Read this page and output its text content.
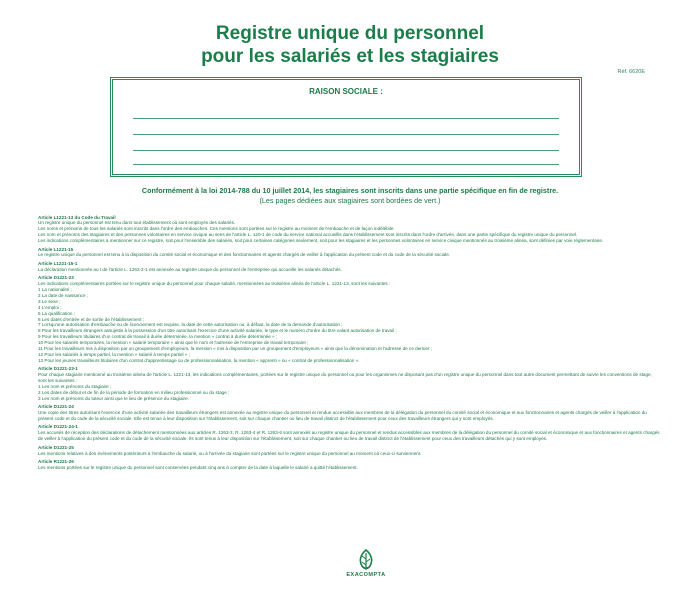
Registre unique du personnel
pour les salariés et les stagiaires
Réf. 6620E
RAISON SOCIALE :
Conformément à la loi 2014-788 du 10 juillet 2014, les stagiaires sont inscrits dans une partie spécifique en fin de registre.
(Les pages dédiées aux stagiaires sont bordées de vert.)
Article L1221-13 du Code du Travail

Un registre unique du personnel est tenu dans tout établissement où sont employés des salariés.

Les noms et prénoms de tous les salariés sont inscrits dans l'ordre des embauches. Ces mentions sont portées sur le registre au moment de l'embauche et de façon indélébile.

Les nom et prénoms des stagiaires et des personnes volontaires en service civique au sens de l'article L. 120-1 de code du service national accueillis dans l'établissement sont inscrits dans l'ordre d'arrivée, dans une partie spécifique du registre unique du personnel.

Les indications complémentaires à mentionner sur ce registre, soit pour l'ensemble des salariés, soit pour certaines catégories seulement, soit pour les stagiaires et les personnes volontaires en service civique mentionnés au troisième alinéa, sont définies par voie réglementaire.

Article L1221-15

Le registre unique du personnel est tenu à la disposition du comité social et économique et des fonctionnaires et agents chargés de veiller à l'application du présent code et du code de la sécurité sociale.

Article L1221-15-1

La déclaration mentionnée au I de l'article L. 1262-2-1 est annexée au registre unique du personnel de l'entreprise qui accueille les salariés détachés.

Article D1221-23

Les indications complémentaires portées sur le registre unique du personnel pour chaque salarié, mentionnées au troisième alinéa de l'article L. 1221-13, sont les suivantes :

1 La nationalité ;

2 La date de naissance ;

3 Le sexe ;

4 L'emploi ;

5 La qualification ;

6 Les dates d'entrée et de sortie de l'établissement ;

7 Lorsqu'une autorisation d'embauche ou de licenciement est requise, la date de cette autorisation ou, à défaut, la date de la demande d'autorisation ;

8 Pour les travailleurs étrangers assujettis à la possession d'un titre autorisant l'exercice d'une activité salariée, le type et le numéro d'ordre du titre valant autorisation de travail ;

9 Pour les travailleurs titulaires d'un contrat de travail à durée déterminée, la mention « contrat à durée déterminée » ;

10 Pour les salariés temporaires, la mention « salarié temporaire » ainsi que le nom et l'adresse de l'entreprise de travail temporaire ;

11 Pour les travailleurs mis à disposition par un groupement d'employeurs, la mention « mis à disposition par un groupement d'employeurs » ainsi que la dénomination et l'adresse de ce dernier ;

12 Pour les salariés à temps partiel, la mention « salarié à temps partiel » ;

13 Pour les jeunes travailleurs titulaires d'un contrat d'apprentissage ou de professionnalisation, la mention « apprenti » ou « contrat de professionnalisation ».

Article D1221-23-1

Pour chaque stagiaire mentionné au troisième alinéa de l'article L. 1221-13, les indications complémentaires, portées sur le registre unique du personnel ou pour les organismes ne disposant pas d'un registre unique du personnel dans tout autre document permettant de suivre les conventions de stage, sont les suivantes :

1 Les nom et prénoms du stagiaire ;

2 Les dates de début et de fin de la période de formation en milieu professionnel ou du stage ;

3 Les nom et prénoms du tuteur ainsi que le lieu de présence du stagiaire.

Article D1221-24

Une copie des titres autorisant l'exercice d'une activité salariée des travailleurs étrangers est annexée au registre unique du personnel et rendue accessible aux membres de la délégation du personnel du comité social et économique et aux fonctionnaires et agents chargés de veiller à l'application du présent code et du code de la sécurité sociale. Elle est tenue à leur disposition sur l'établissement, soit sur chaque chantier ou lieu de travail distinct de l'établissement pour ceux des travailleurs étrangers qui y sont employés.

Article D1221-24-1

Les accusés de réception des déclarations de détachement mentionnées aux articles R. 1263-3, R. 1263-4 et R. 1263-6 sont annexés au registre unique du personnel et rendus accessibles aux membres de la délégation du personnel du comité social et économique et aux fonctionnaires et agents chargés de veiller à l'application du présent code et du code de la sécurité sociale. Ils sont tenus à leur disposition sur l'établissement, soit sur chaque chantier ou lieu de travail distinct de l'établissement pour ceux des travailleurs détachés qui y sont employés.

Article D1221-25

Les mentions relatives à des événements postérieurs à l'embauche du salarié, ou à l'arrivée du stagiaire sont portées sur le registre unique du personnel au moment où ceux-ci surviennent.

Article R1221-26

Les mentions portées sur le registre unique du personnel sont conservées pendant cinq ans à compter de la date à laquelle le salarié a quitté l'établissement.

EXACOMPTA
